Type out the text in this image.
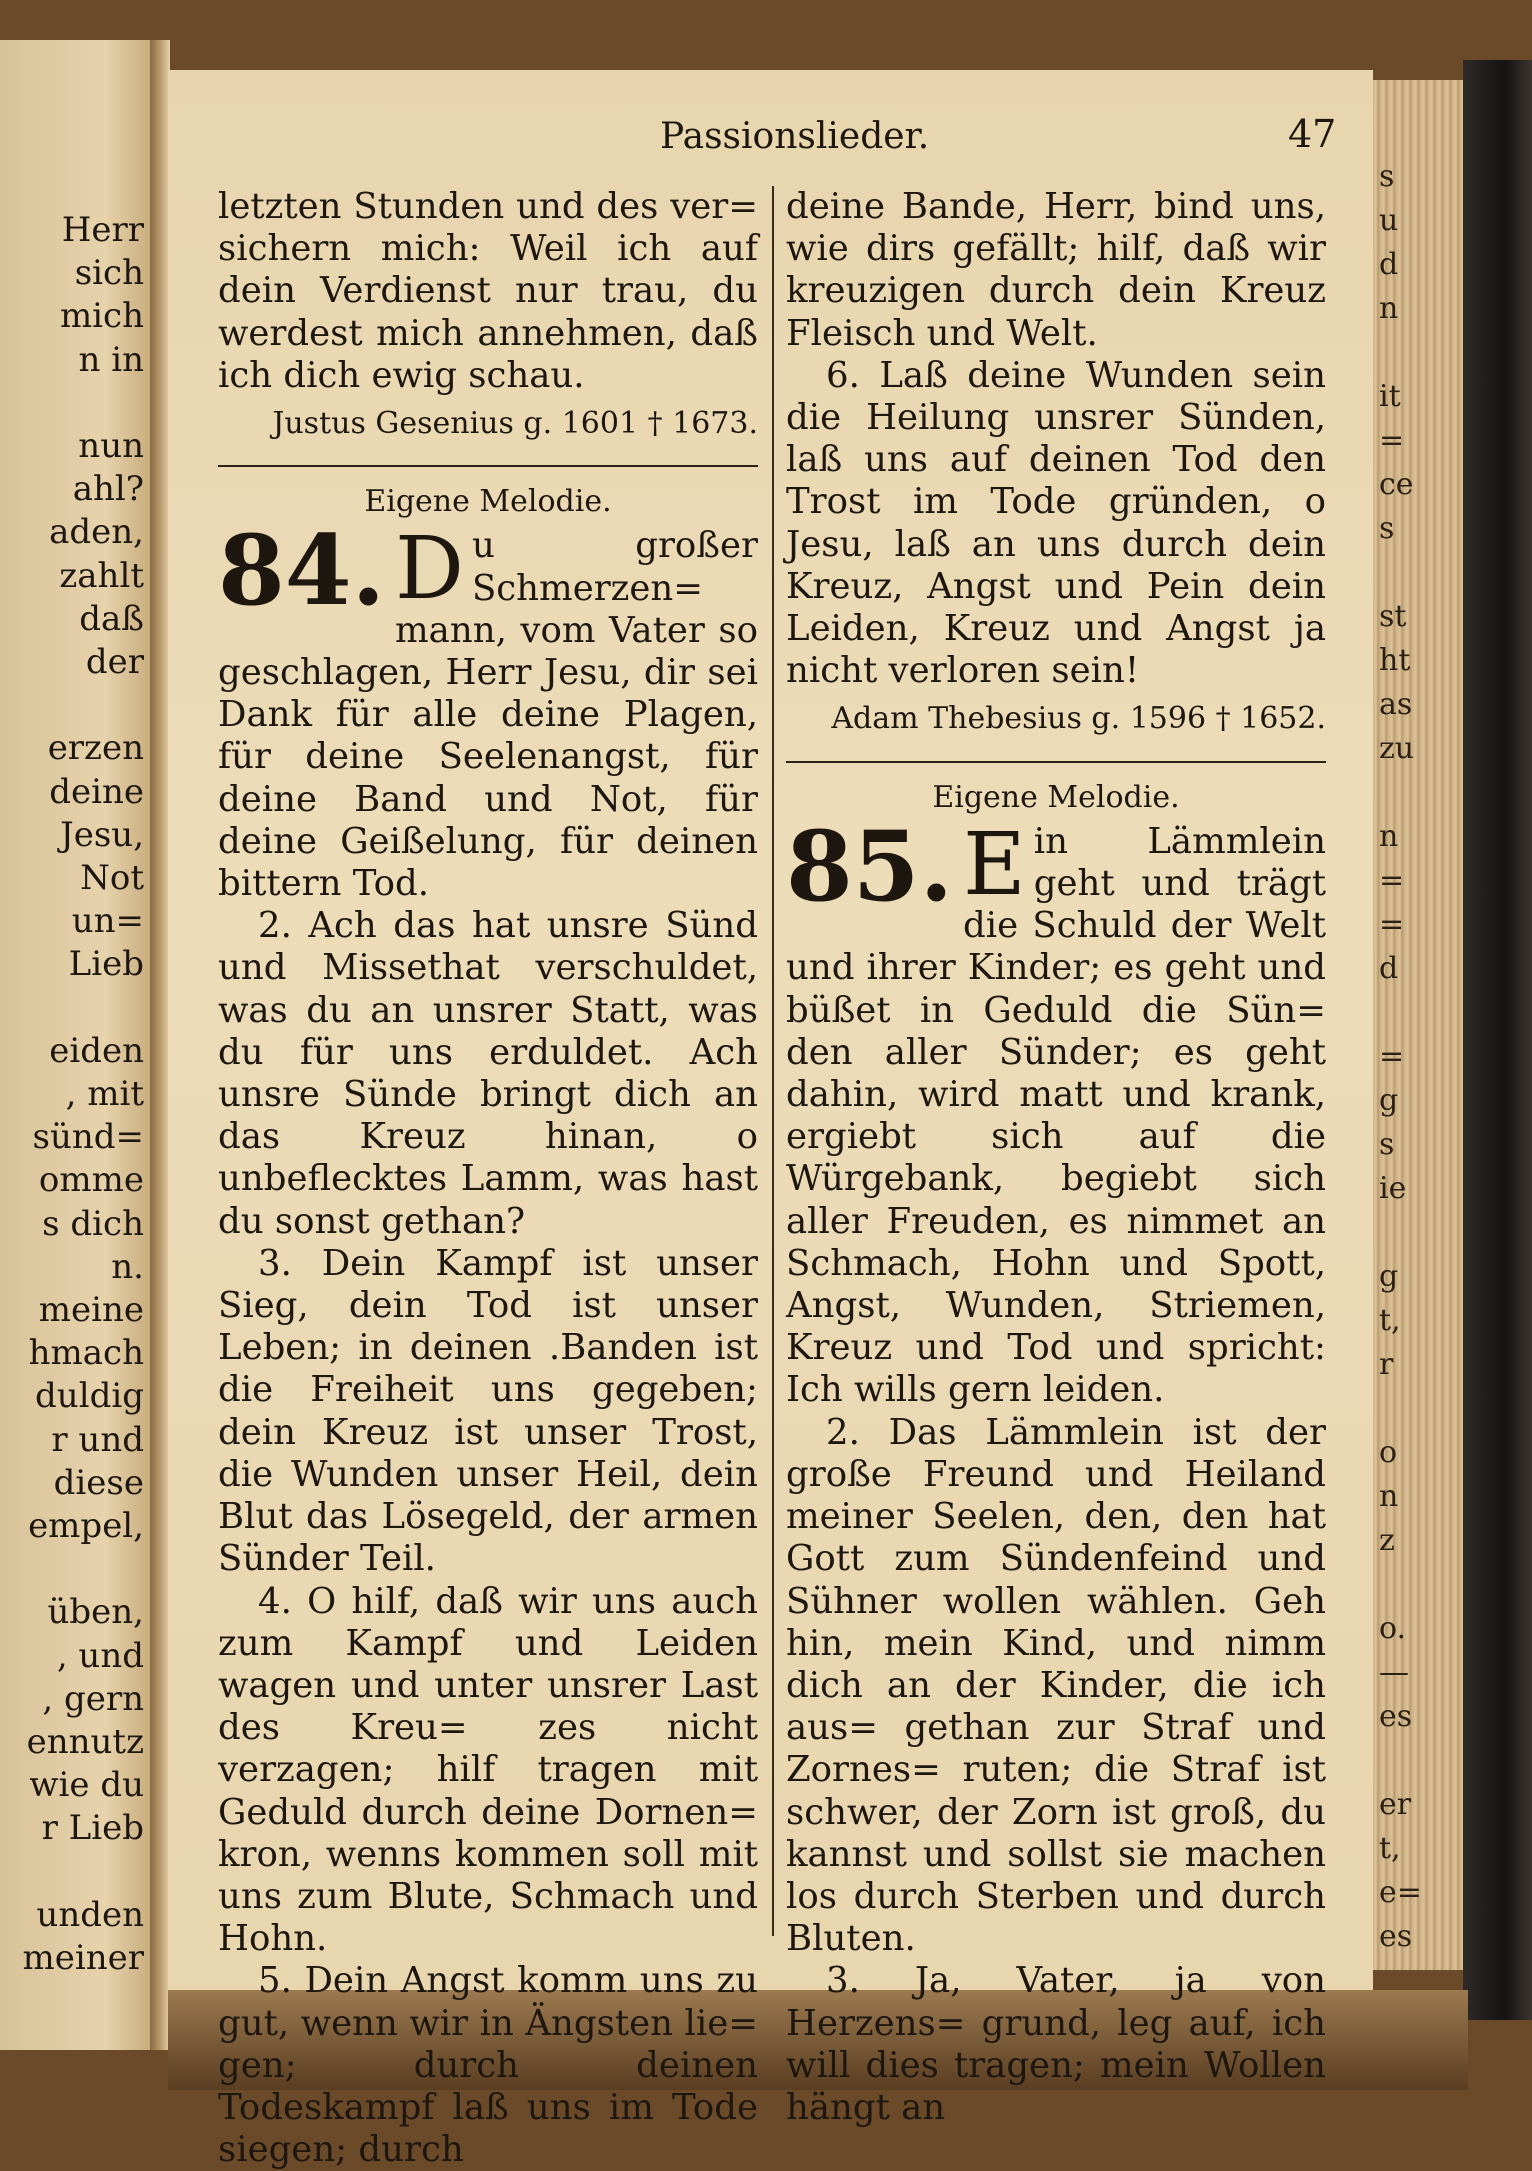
Herr
sich
mich
n in
nun
ahl?
aden,
zahlt
daß
der
erzen
deine
Jesu,
Not
un=
Lieb
eiden
, mit
sünd=
omme
s dich
n.
meine
hmach
duldig
r und
diese
empel,
üben,
, und
, gern
ennutz
wie du
r Lieb
unden
meiner
s
u
d
n
it
=
ce
s
st
ht
as
zu
n
=
=
d
=
g
s
ie
g
t,
r
o
n
z
o.
—
es
er
t,
e=
es
Passionslieder.	47

letzten Stunden und des ver= sichern mich: Weil ich auf dein Verdienst nur trau, du werdest mich annehmen, daß ich dich ewig schau.

Justus Gesenius g. 1601 † 1673.

Eigene Melodie.

84. D u großer Schmerzen= mann, vom Vater so geschlagen, Herr Jesu, dir sei Dank für alle deine Plagen, für deine Seelenangst, für deine Band und Not, für deine Geißelung, für deinen bittern Tod.

2. Ach das hat unsre Sünd und Missethat verschuldet, was du an unsrer Statt, was du für uns erduldet. Ach unsre Sünde bringt dich an das Kreuz hinan, o unbeflecktes Lamm, was hast du sonst gethan?

3. Dein Kampf ist unser Sieg, dein Tod ist unser Leben; in deinen .Banden ist die Freiheit uns gegeben; dein Kreuz ist unser Trost, die Wunden unser Heil, dein Blut das Lösegeld, der armen Sünder Teil.

4. O hilf, daß wir uns auch zum Kampf und Leiden wagen und unter unsrer Last des Kreu= zes nicht verzagen; hilf tragen mit Geduld durch deine Dornen= kron, wenns kommen soll mit uns zum Blute, Schmach und Hohn.

5. Dein Angst komm uns zu gut, wenn wir in Ängsten lie= gen; durch deinen Todeskampf laß uns im Tode siegen; durch

deine Bande, Herr, bind uns, wie dirs gefällt; hilf, daß wir kreuzigen durch dein Kreuz Fleisch und Welt.

6. Laß deine Wunden sein die Heilung unsrer Sünden, laß uns auf deinen Tod den Trost im Tode gründen, o Jesu, laß an uns durch dein Kreuz, Angst und Pein dein Leiden, Kreuz und Angst ja nicht verloren sein!

Adam Thebesius g. 1596 † 1652.

Eigene Melodie.

85. E in Lämmlein geht und trägt die Schuld der Welt und ihrer Kinder; es geht und büßet in Geduld die Sün= den aller Sünder; es geht dahin, wird matt und krank, ergiebt sich auf die Würgebank, begiebt sich aller Freuden, es nimmet an Schmach, Hohn und Spott, Angst, Wunden, Striemen, Kreuz und Tod und spricht: Ich wills gern leiden.

2. Das Lämmlein ist der große Freund und Heiland meiner Seelen, den, den hat Gott zum Sündenfeind und Sühner wollen wählen. Geh hin, mein Kind, und nimm dich an der Kinder, die ich aus= gethan zur Straf und Zornes= ruten; die Straf ist schwer, der Zorn ist groß, du kannst und sollst sie machen los durch Sterben und durch Bluten.

3. Ja, Vater, ja von Herzens= grund, leg auf, ich will dies tragen; mein Wollen hängt an
